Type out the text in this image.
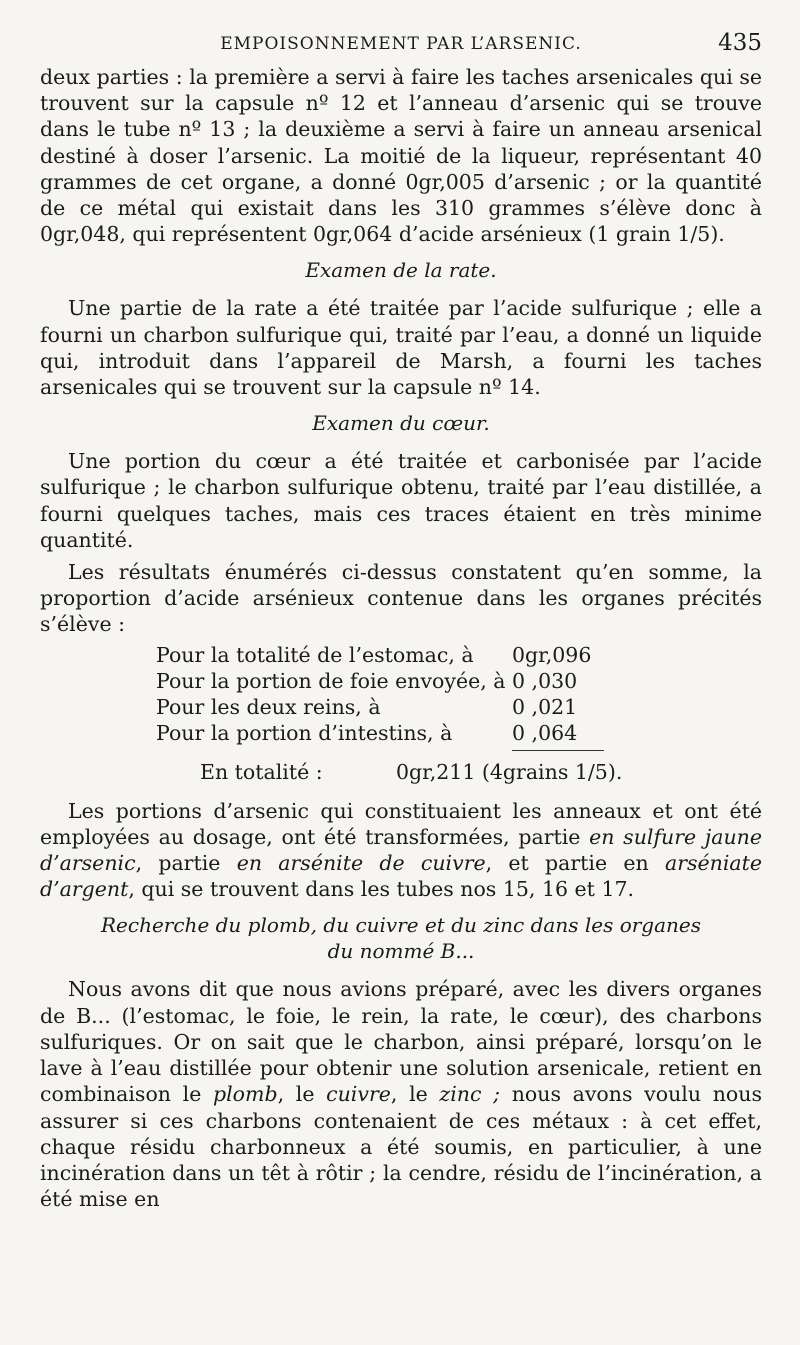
EMPOISONNEMENT PAR L’ARSENIC.	435

deux parties : la première a servi à faire les taches arsenicales qui se trouvent sur la capsule nº 12 et l’anneau d’arsenic qui se trouve dans le tube nº 13 ; la deuxième a servi à faire un anneau arsenical destiné à doser l’arsenic. La moitié de la liqueur, représentant 40 grammes de cet organe, a donné 0gr,005 d’arsenic ; or la quantité de ce métal qui existait dans les 310 grammes s’élève donc à 0gr,048, qui représentent 0gr,064 d’acide arsénieux (1 grain 1/5).

Examen de la rate.

Une partie de la rate a été traitée par l’acide sulfurique ; elle a fourni un charbon sulfurique qui, traité par l’eau, a donné un liquide qui, introduit dans l’appareil de Marsh, a fourni les taches arsenicales qui se trouvent sur la capsule nº 14.

Examen du cœur.

Une portion du cœur a été traitée et carbonisée par l’acide sulfurique ; le charbon sulfurique obtenu, traité par l’eau distillée, a fourni quelques taches, mais ces traces étaient en très minime quantité.

Les résultats énumérés ci-dessus constatent qu’en somme, la proportion d’acide arsénieux contenue dans les organes précités s’élève :

Pour la totalité de l’estomac, à	0gr,096
Pour la portion de foie envoyée, à 0 ,030
Pour les deux reins, à	0 ,021
Pour la portion d’intestins, à	0 ,064
En totalité :	0gr,211 (4grains 1/5).

Les portions d’arsenic qui constituaient les anneaux et ont été employées au dosage, ont été transformées, partie en sulfure jaune d’arsenic, partie en arsénite de cuivre, et partie en arséniate d’argent, qui se trouvent dans les tubes nos 15, 16 et 17.

Recherche du plomb, du cuivre et du zinc dans les organes
du nommé B...

Nous avons dit que nous avions préparé, avec les divers organes de B... (l’estomac, le foie, le rein, la rate, le cœur), des charbons sulfuriques. Or on sait que le charbon, ainsi préparé, lorsqu’on le lave à l’eau distillée pour obtenir une solution arsenicale, retient en combinaison le plomb, le cuivre, le zinc ; nous avons voulu nous assurer si ces charbons contenaient de ces métaux : à cet effet, chaque résidu charbonneux a été soumis, en particulier, à une incinération dans un têt à rôtir ; la cendre, résidu de l’incinération, a été mise en
